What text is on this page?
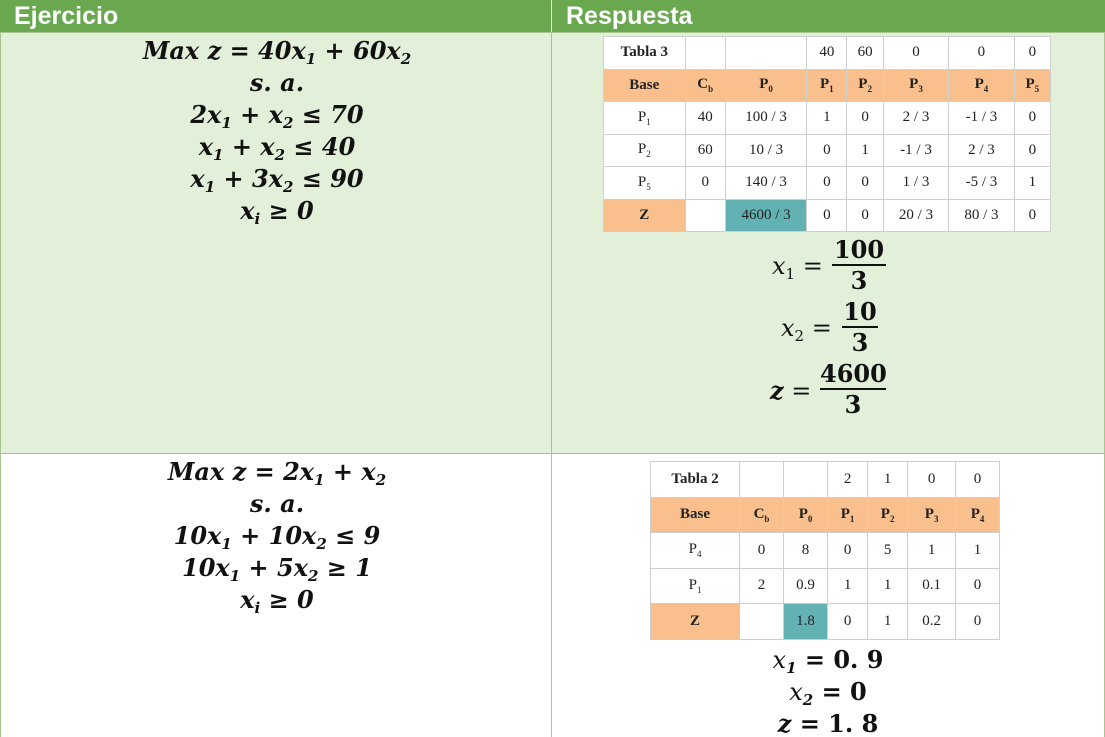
Ejercicio	Respuesta
Max $z = 40x_1 + 60x_2$
s. a.
$2x_1 + x_2 \le 70$
$x_1 + x_2 \le 40$
$x_1 + 3x_2 \le 90$
$x_i \ge 0$
Max $z = 2x_1 + x_2$
s. a.
$10x_1 + 10x_2 \le 9$
$10x_1 + 5x_2 \ge 1$
$x_i \ge 0$
Tabla 3			40	60	0	0	0
Base	$C_b$	$P_0$	$P_1$	$P_2$	$P_3$	$P_4$	$P_5$
$P_1$	40	100 / 3	1	0	2 / 3	-1 / 3	0
$P_2$	60	10 / 3	0	1	-1 / 3	2 / 3	0
$P_5$	0	140 / 3	0	0	1 / 3	-5 / 3	1
Z		4600 / 3	0	0	20 / 3	80 / 3	0
$x_1$ =
100
3
$x_2$ =
10
3
z =
4600
3
Tabla 2			2	1	0	0
Base	$C_b$	$P_0$	$P_1$	$P_2$	$P_3$	$P_4$
$P_4$	0	8	0	5	1	1
$P_1$	2	0.9	1	1	0.1	0
Z		1.8	0	1	0.2	0
$x_1 = 0$. 9
$x_2 = 0$
z = 1. 8
